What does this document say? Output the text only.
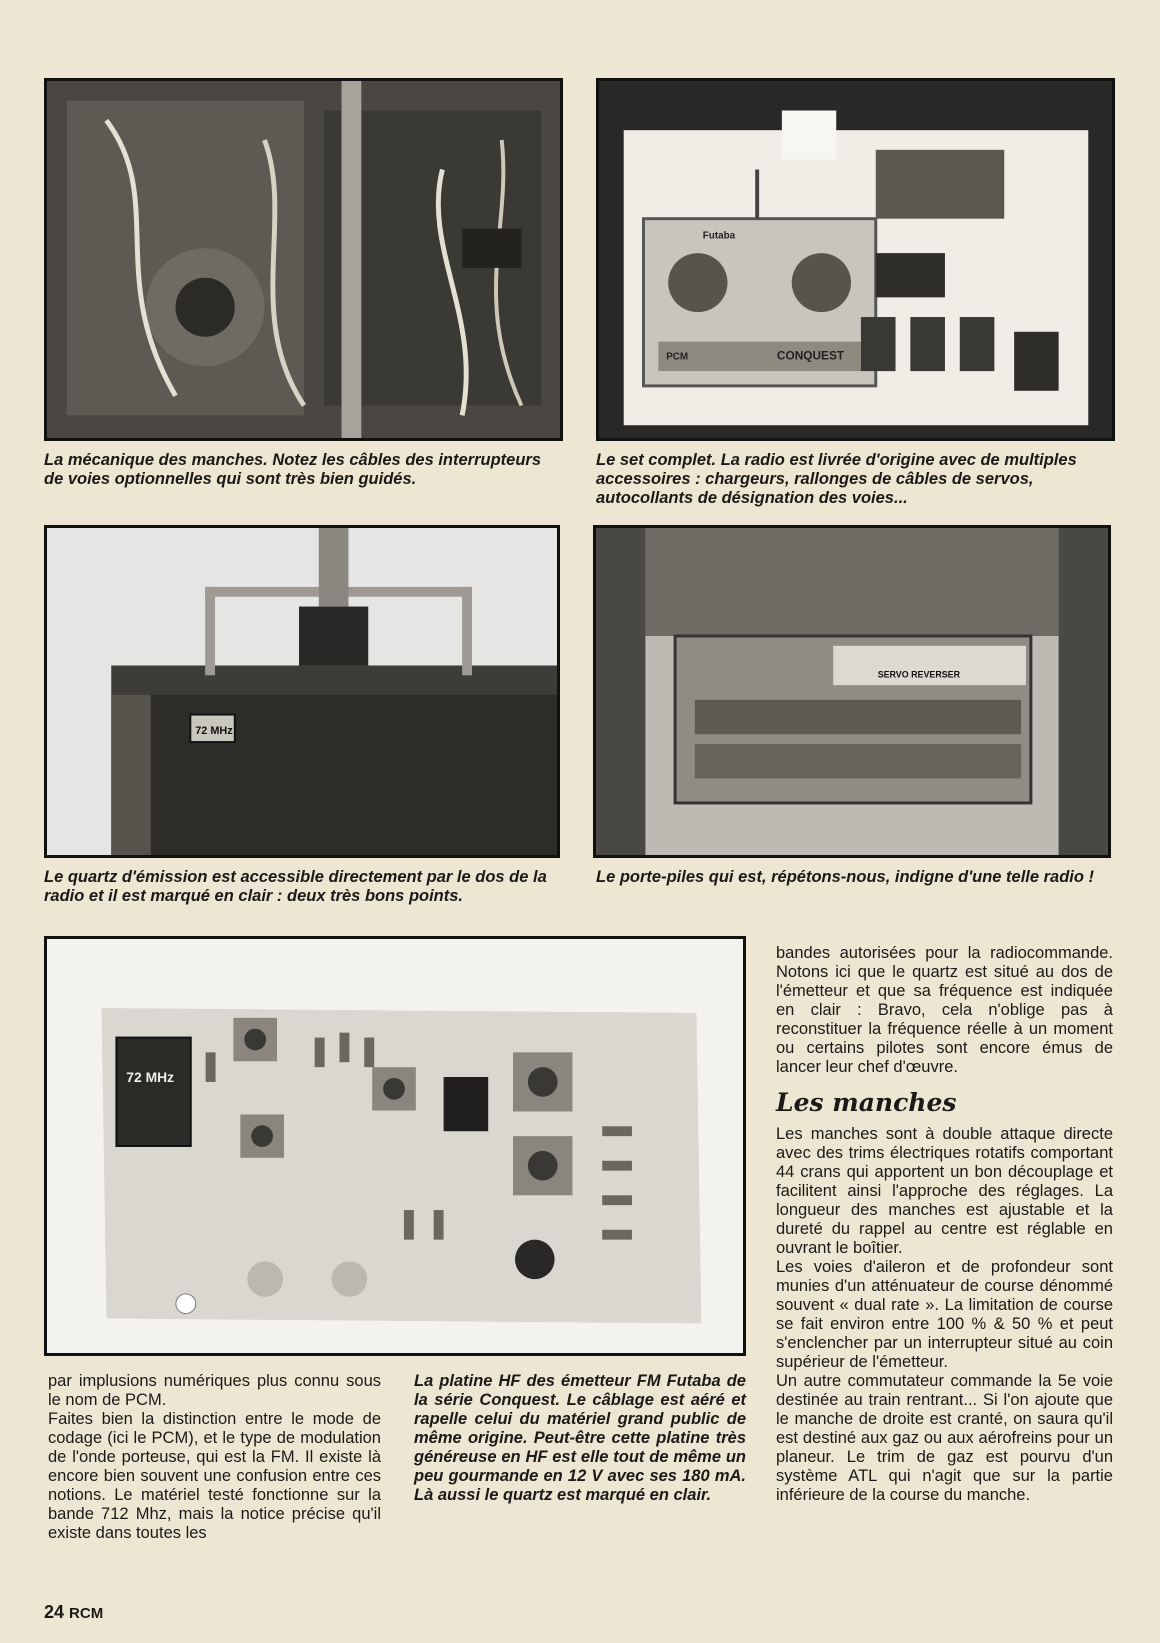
Futaba
CONQUEST
PCM

La mécanique des manches. Notez les câbles des interrupteurs de voies optionnelles qui sont très bien guidés.

Le set complet. La radio est livrée d'origine avec de multiples accessoires : chargeurs, rallonges de câbles de servos, autocollants de désignation des voies...

72 MHz
SERVO REVERSER

Le quartz d'émission est accessible directement par le dos de la radio et il est marqué en clair : deux très bons points.

Le porte-piles qui est, répétons-nous, indigne d'une telle radio !

72 MHz

par implusions numériques plus connu sous le nom de PCM.

Faites bien la distinction entre le mode de codage (ici le PCM), et le type de modulation de l'onde porteuse, qui est la FM. Il existe là encore bien souvent une confusion entre ces notions. Le matériel testé fonctionne sur la bande 712 Mhz, mais la notice précise qu'il existe dans toutes les

La platine HF des émetteur FM Futaba de la série Conquest. Le câblage est aéré et rapelle celui du matériel grand public de même origine. Peut-être cette platine très généreuse en HF est elle tout de même un peu gourmande en 12 V avec ses 180 mA. Là aussi le quartz est marqué en clair.

bandes autorisées pour la radiocommande. Notons ici que le quartz est situé au dos de l'émetteur et que sa fréquence est indiquée en clair : Bravo, cela n'oblige pas à reconstituer la fréquence réelle à un moment ou certains pilotes sont encore émus de lancer leur chef d'œuvre.

Les manches

Les manches sont à double attaque directe avec des trims électriques rotatifs comportant 44 crans qui apportent un bon découplage et facilitent ainsi l'approche des réglages. La longueur des manches est ajustable et la dureté du rappel au centre est réglable en ouvrant le boîtier.

Les voies d'aileron et de profondeur sont munies d'un atténuateur de course dénommé souvent « dual rate ». La limitation de course se fait environ entre 100 % & 50 % et peut s'enclencher par un interrupteur situé au coin supérieur de l'émetteur.

Un autre commutateur commande la 5e voie destinée au train rentrant... Si l'on ajoute que le manche de droite est cranté, on saura qu'il est destiné aux gaz ou aux aérofreins pour un planeur. Le trim de gaz est pourvu d'un système ATL qui n'agit que sur la partie inférieure de la course du manche.

24 RCM
